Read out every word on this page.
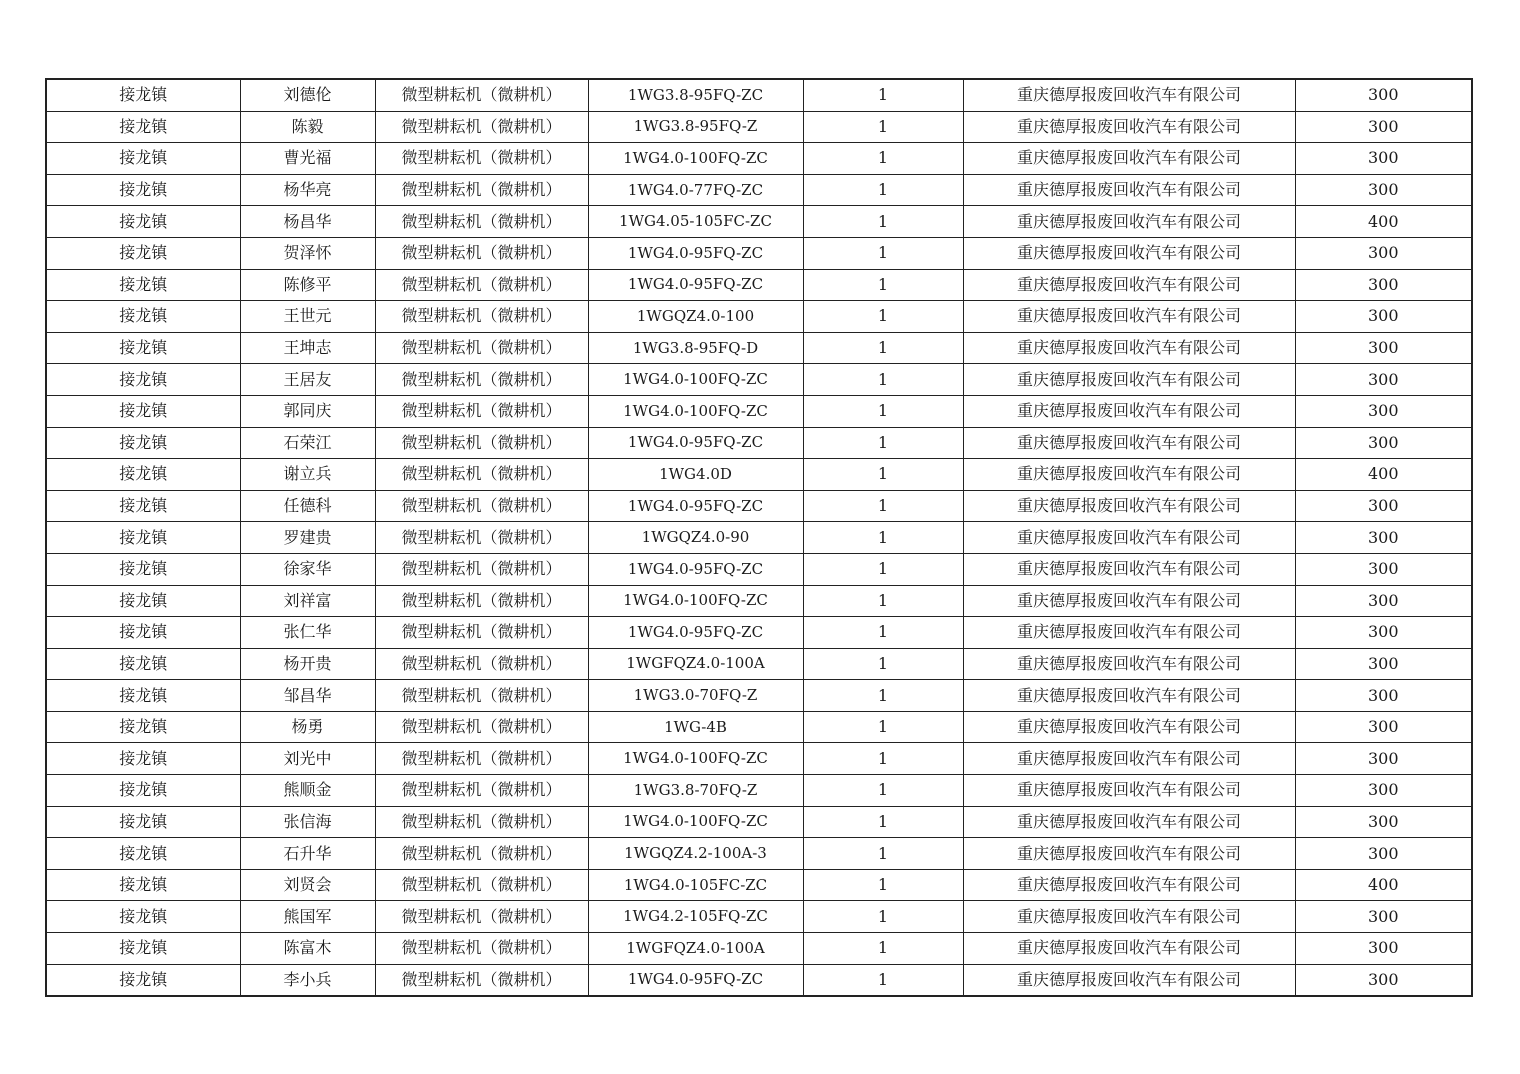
接龙镇	刘德伦	微型耕耘机（微耕机）	1WG3.8-95FQ-ZC	1	重庆德厚报废回收汽车有限公司	300
接龙镇	陈毅	微型耕耘机（微耕机）	1WG3.8-95FQ-Z	1	重庆德厚报废回收汽车有限公司	300
接龙镇	曹光福	微型耕耘机（微耕机）	1WG4.0-100FQ-ZC	1	重庆德厚报废回收汽车有限公司	300
接龙镇	杨华亮	微型耕耘机（微耕机）	1WG4.0-77FQ-ZC	1	重庆德厚报废回收汽车有限公司	300
接龙镇	杨昌华	微型耕耘机（微耕机）	1WG4.05-105FC-ZC	1	重庆德厚报废回收汽车有限公司	400
接龙镇	贺泽怀	微型耕耘机（微耕机）	1WG4.0-95FQ-ZC	1	重庆德厚报废回收汽车有限公司	300
接龙镇	陈修平	微型耕耘机（微耕机）	1WG4.0-95FQ-ZC	1	重庆德厚报废回收汽车有限公司	300
接龙镇	王世元	微型耕耘机（微耕机）	1WGQZ4.0-100	1	重庆德厚报废回收汽车有限公司	300
接龙镇	王坤志	微型耕耘机（微耕机）	1WG3.8-95FQ-D	1	重庆德厚报废回收汽车有限公司	300
接龙镇	王居友	微型耕耘机（微耕机）	1WG4.0-100FQ-ZC	1	重庆德厚报废回收汽车有限公司	300
接龙镇	郭同庆	微型耕耘机（微耕机）	1WG4.0-100FQ-ZC	1	重庆德厚报废回收汽车有限公司	300
接龙镇	石荣江	微型耕耘机（微耕机）	1WG4.0-95FQ-ZC	1	重庆德厚报废回收汽车有限公司	300
接龙镇	谢立兵	微型耕耘机（微耕机）	1WG4.0D	1	重庆德厚报废回收汽车有限公司	400
接龙镇	任德科	微型耕耘机（微耕机）	1WG4.0-95FQ-ZC	1	重庆德厚报废回收汽车有限公司	300
接龙镇	罗建贵	微型耕耘机（微耕机）	1WGQZ4.0-90	1	重庆德厚报废回收汽车有限公司	300
接龙镇	徐家华	微型耕耘机（微耕机）	1WG4.0-95FQ-ZC	1	重庆德厚报废回收汽车有限公司	300
接龙镇	刘祥富	微型耕耘机（微耕机）	1WG4.0-100FQ-ZC	1	重庆德厚报废回收汽车有限公司	300
接龙镇	张仁华	微型耕耘机（微耕机）	1WG4.0-95FQ-ZC	1	重庆德厚报废回收汽车有限公司	300
接龙镇	杨开贵	微型耕耘机（微耕机）	1WGFQZ4.0-100A	1	重庆德厚报废回收汽车有限公司	300
接龙镇	邹昌华	微型耕耘机（微耕机）	1WG3.0-70FQ-Z	1	重庆德厚报废回收汽车有限公司	300
接龙镇	杨勇	微型耕耘机（微耕机）	1WG-4B	1	重庆德厚报废回收汽车有限公司	300
接龙镇	刘光中	微型耕耘机（微耕机）	1WG4.0-100FQ-ZC	1	重庆德厚报废回收汽车有限公司	300
接龙镇	熊顺金	微型耕耘机（微耕机）	1WG3.8-70FQ-Z	1	重庆德厚报废回收汽车有限公司	300
接龙镇	张信海	微型耕耘机（微耕机）	1WG4.0-100FQ-ZC	1	重庆德厚报废回收汽车有限公司	300
接龙镇	石升华	微型耕耘机（微耕机）	1WGQZ4.2-100A-3	1	重庆德厚报废回收汽车有限公司	300
接龙镇	刘贤会	微型耕耘机（微耕机）	1WG4.0-105FC-ZC	1	重庆德厚报废回收汽车有限公司	400
接龙镇	熊国军	微型耕耘机（微耕机）	1WG4.2-105FQ-ZC	1	重庆德厚报废回收汽车有限公司	300
接龙镇	陈富木	微型耕耘机（微耕机）	1WGFQZ4.0-100A	1	重庆德厚报废回收汽车有限公司	300
接龙镇	李小兵	微型耕耘机（微耕机）	1WG4.0-95FQ-ZC	1	重庆德厚报废回收汽车有限公司	300
